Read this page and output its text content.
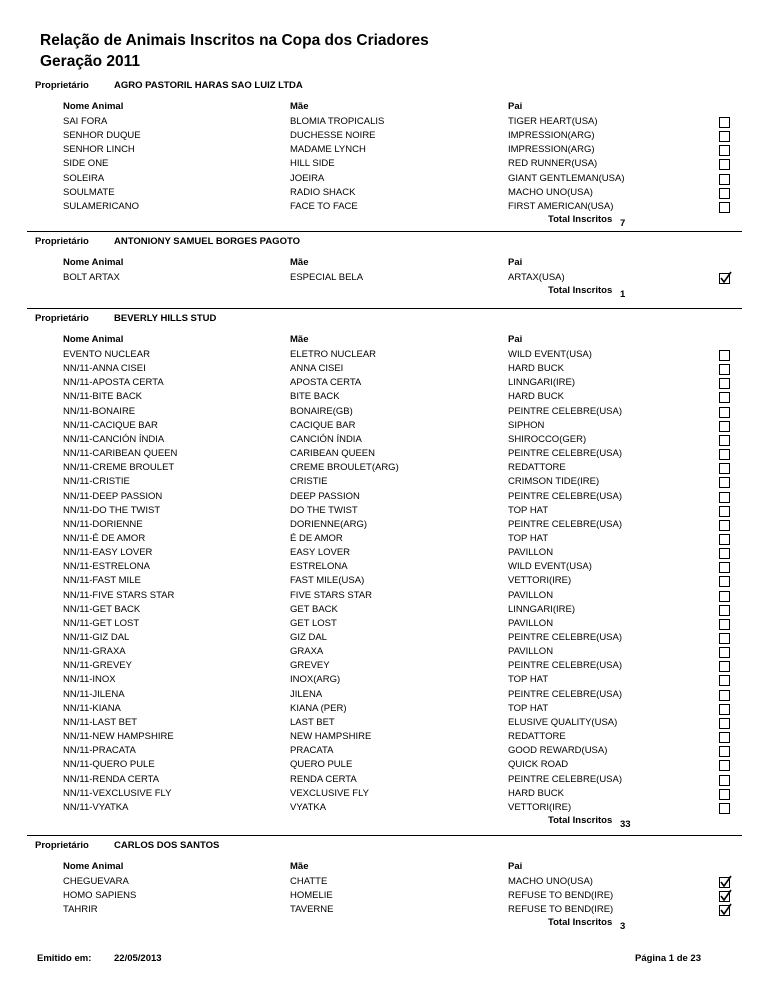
Relação de Animais Inscritos na Copa dos Criadores
Geração 2011
Proprietário	AGRO PASTORIL HARAS SAO LUIZ LTDA
Nome Animal	Mãe	Pai
SAI FORA	BLOMIA TROPICALIS	TIGER HEART(USA)
SENHOR DUQUE	DUCHESSE NOIRE	IMPRESSION(ARG)
SENHOR LINCH	MADAME LYNCH	IMPRESSION(ARG)
SIDE ONE	HILL SIDE	RED RUNNER(USA)
SOLEIRA	JOEIRA	GIANT GENTLEMAN(USA)
SOULMATE	RADIO SHACK	MACHO UNO(USA)
SULAMERICANO	FACE TO FACE	FIRST AMERICAN(USA)
Total Inscritos 7
Proprietário	ANTONIONY SAMUEL BORGES PAGOTO
Nome Animal	Mãe	Pai
BOLT ARTAX	ESPECIAL BELA	ARTAX(USA)
Total Inscritos 1
Proprietário	BEVERLY HILLS STUD
Nome Animal	Mãe	Pai
EVENTO NUCLEAR	ELETRO NUCLEAR	WILD EVENT(USA)
NN/11-ANNA CISEI	ANNA CISEI	HARD BUCK
NN/11-APOSTA CERTA	APOSTA CERTA	LINNGARI(IRE)
NN/11-BITE BACK	BITE BACK	HARD BUCK
NN/11-BONAIRE	BONAIRE(GB)	PEINTRE CELEBRE(USA)
NN/11-CACIQUE BAR	CACIQUE BAR	SIPHON
NN/11-CANCIÓN ÍNDIA	CANCIÓN ÍNDIA	SHIROCCO(GER)
NN/11-CARIBEAN QUEEN	CARIBEAN QUEEN	PEINTRE CELEBRE(USA)
NN/11-CREME BROULET	CREME BROULET(ARG)	REDATTORE
NN/11-CRISTIE	CRISTIE	CRIMSON TIDE(IRE)
NN/11-DEEP PASSION	DEEP PASSION	PEINTRE CELEBRE(USA)
NN/11-DO THE TWIST	DO THE TWIST	TOP HAT
NN/11-DORIENNE	DORIENNE(ARG)	PEINTRE CELEBRE(USA)
NN/11-É DE AMOR	É DE AMOR	TOP HAT
NN/11-EASY LOVER	EASY LOVER	PAVILLON
NN/11-ESTRELONA	ESTRELONA	WILD EVENT(USA)
NN/11-FAST MILE	FAST MILE(USA)	VETTORI(IRE)
NN/11-FIVE STARS STAR	FIVE STARS STAR	PAVILLON
NN/11-GET BACK	GET BACK	LINNGARI(IRE)
NN/11-GET LOST	GET LOST	PAVILLON
NN/11-GIZ DAL	GIZ DAL	PEINTRE CELEBRE(USA)
NN/11-GRAXA	GRAXA	PAVILLON
NN/11-GREVEY	GREVEY	PEINTRE CELEBRE(USA)
NN/11-INOX	INOX(ARG)	TOP HAT
NN/11-JILENA	JILENA	PEINTRE CELEBRE(USA)
NN/11-KIANA	KIANA (PER)	TOP HAT
NN/11-LAST BET	LAST BET	ELUSIVE QUALITY(USA)
NN/11-NEW HAMPSHIRE	NEW HAMPSHIRE	REDATTORE
NN/11-PRACATA	PRACATA	GOOD REWARD(USA)
NN/11-QUERO PULE	QUERO PULE	QUICK ROAD
NN/11-RENDA CERTA	RENDA CERTA	PEINTRE CELEBRE(USA)
NN/11-VEXCLUSIVE FLY	VEXCLUSIVE FLY	HARD BUCK
NN/11-VYATKA	VYATKA	VETTORI(IRE)
Total Inscritos 33
Proprietário	CARLOS DOS SANTOS
Nome Animal	Mãe	Pai
CHEGUEVARA	CHATTE	MACHO UNO(USA)
HOMO SAPIENS	HOMELIE	REFUSE TO BEND(IRE)
TAHRIR	TAVERNE	REFUSE TO BEND(IRE)
Total Inscritos 3
Emitido em: 22/05/2013	Página 1 de 23
